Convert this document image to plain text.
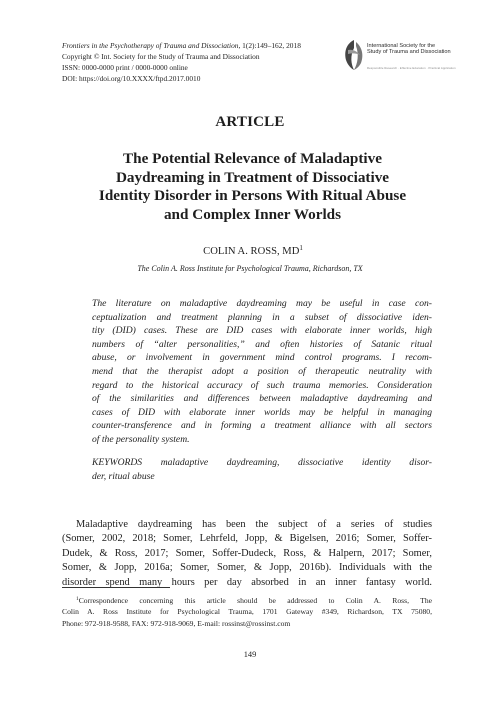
Frontiers in the Psychotherapy of Trauma and Dissociation, 1(2):149–162, 2018
Copyright © Int. Society for the Study of Trauma and Dissociation
ISSN: 0000-0000 print / 0000-0000 online
DOI: https://doi.org/10.XXXX/ftpd.2017.0010
International Society for the
Study of Trauma and Dissociation
Responsible Research · Effective Education · Practical Application
ARTICLE
The Potential Relevance of Maladaptive
Daydreaming in Treatment of Dissociative
Identity Disorder in Persons With Ritual Abuse
and Complex Inner Worlds
COLIN A. ROSS, $MD^1$
The Colin A. Ross Institute for Psychological Trauma, Richardson, TX
The literature on maladaptive daydreaming may be useful in case con-
ceptualization and treatment planning in a subset of dissociative iden-
tity (DID) cases. These are DID cases with elaborate inner worlds, high
numbers of “alter personalities,” and often histories of Satanic ritual
abuse, or involvement in government mind control programs. I recom-
mend that the therapist adopt a position of therapeutic neutrality with
regard to the historical accuracy of such trauma memories. Consideration
of the similarities and differences between maladaptive daydreaming and
cases of DID with elaborate inner worlds may be helpful in managing
counter-transference and in forming a treatment alliance with all sectors
of the personality system.
KEYWORDS maladaptive daydreaming, dissociative identity disor-
der, ritual abuse
Maladaptive daydreaming has been the subject of a series of studies
(Somer, 2002, 2018; Somer, Lehrfeld, Jopp, & Bigelsen, 2016; Somer, Soffer-
Dudek, & Ross, 2017; Somer, Soffer-Dudeck, Ross, & Halpern, 2017; Somer,
Somer, & Jopp, 2016a; Somer, Somer, & Jopp, 2016b). Individuals with the
disorder spend many hours per day absorbed in an inner fantasy world.
$^1$Correspondence concerning this article should be addressed to Colin A. Ross, The
Colin A. Ross Institute for Psychological Trauma, 1701 Gateway #349, Richardson, TX 75080,
Phone: 972-918-9588, FAX: 972-918-9069, E-mail: rossinst@rossinst.com
149
